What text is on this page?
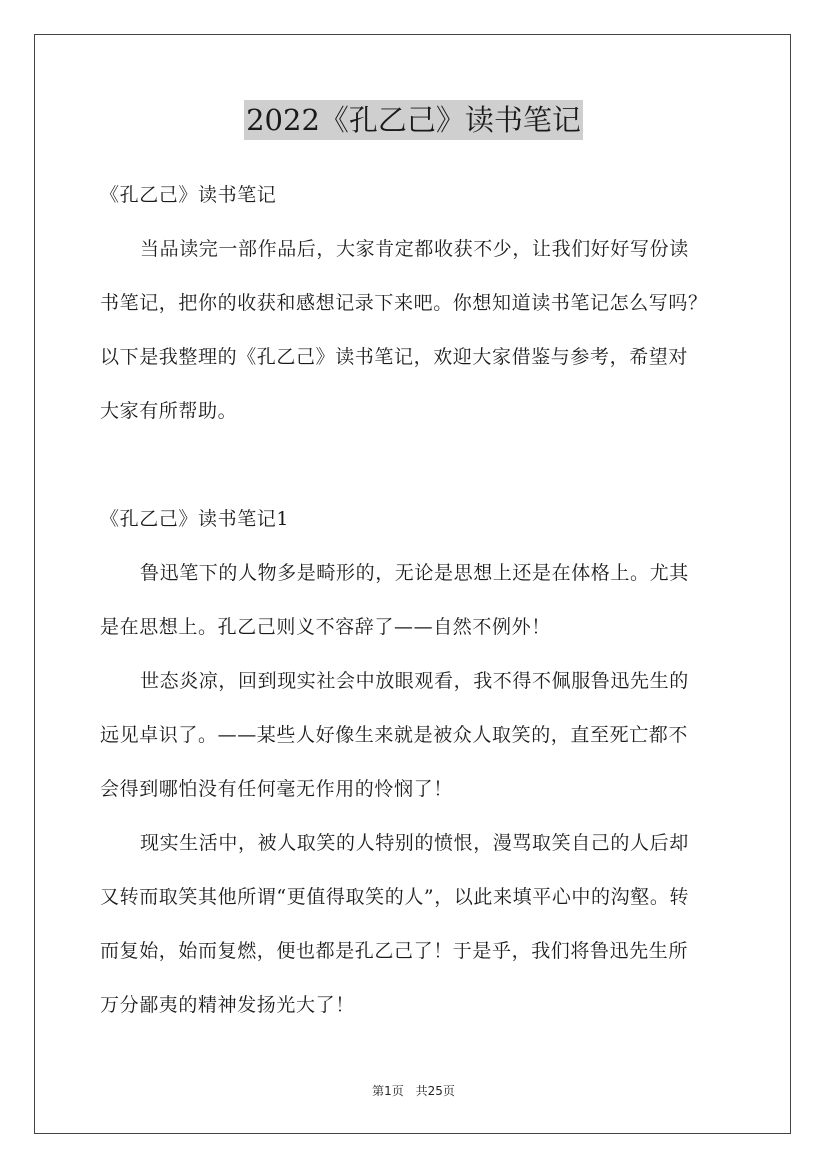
2022《孔乙己》读书笔记
《孔乙己》读书笔记
当品读完一部作品后，大家肯定都收获不少，让我们好好写份读
书笔记，把你的收获和感想记录下来吧。你想知道读书笔记怎么写吗？
以下是我整理的《孔乙己》读书笔记，欢迎大家借鉴与参考，希望对
大家有所帮助。
《孔乙己》读书笔记1
鲁迅笔下的人物多是畸形的，无论是思想上还是在体格上。尤其
是在思想上。孔乙己则义不容辞了——自然不例外！
世态炎凉，回到现实社会中放眼观看，我不得不佩服鲁迅先生的
远见卓识了。——某些人好像生来就是被众人取笑的，直至死亡都不
会得到哪怕没有任何毫无作用的怜悯了！
现实生活中，被人取笑的人特别的愤恨，漫骂取笑自己的人后却
又转而取笑其他所谓“更值得取笑的人”，以此来填平心中的沟壑。转
而复始，始而复燃，便也都是孔乙己了！于是乎，我们将鲁迅先生所
万分鄙夷的精神发扬光大了！
第1页 共25页
